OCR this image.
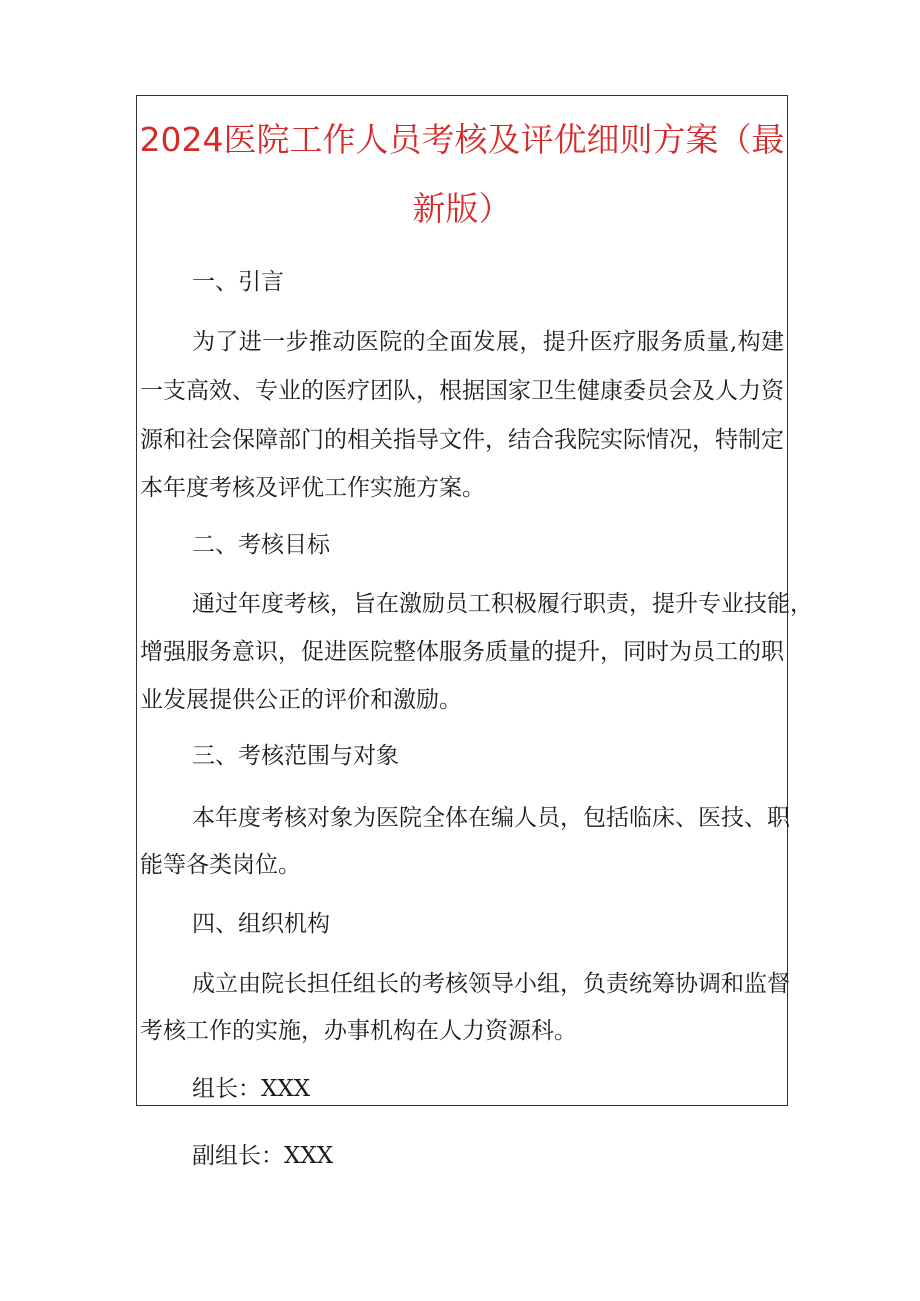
2024医院工作人员考核及评优细则方案（最
新版）

一、引言

为了进一步推动医院的全面发展，提升医疗服务质量,构建

一支高效、专业的医疗团队，根据国家卫生健康委员会及人力资

源和社会保障部门的相关指导文件，结合我院实际情况，特制定

本年度考核及评优工作实施方案。

二、考核目标

通过年度考核，旨在激励员工积极履行职责，提升专业技能，

增强服务意识，促进医院整体服务质量的提升，同时为员工的职

业发展提供公正的评价和激励。

三、考核范围与对象

本年度考核对象为医院全体在编人员，包括临床、医技、职

能等各类岗位。

四、组织机构

成立由院长担任组长的考核领导小组，负责统筹协调和监督

考核工作的实施，办事机构在人力资源科。

组长：XXX

副组长：XXX
